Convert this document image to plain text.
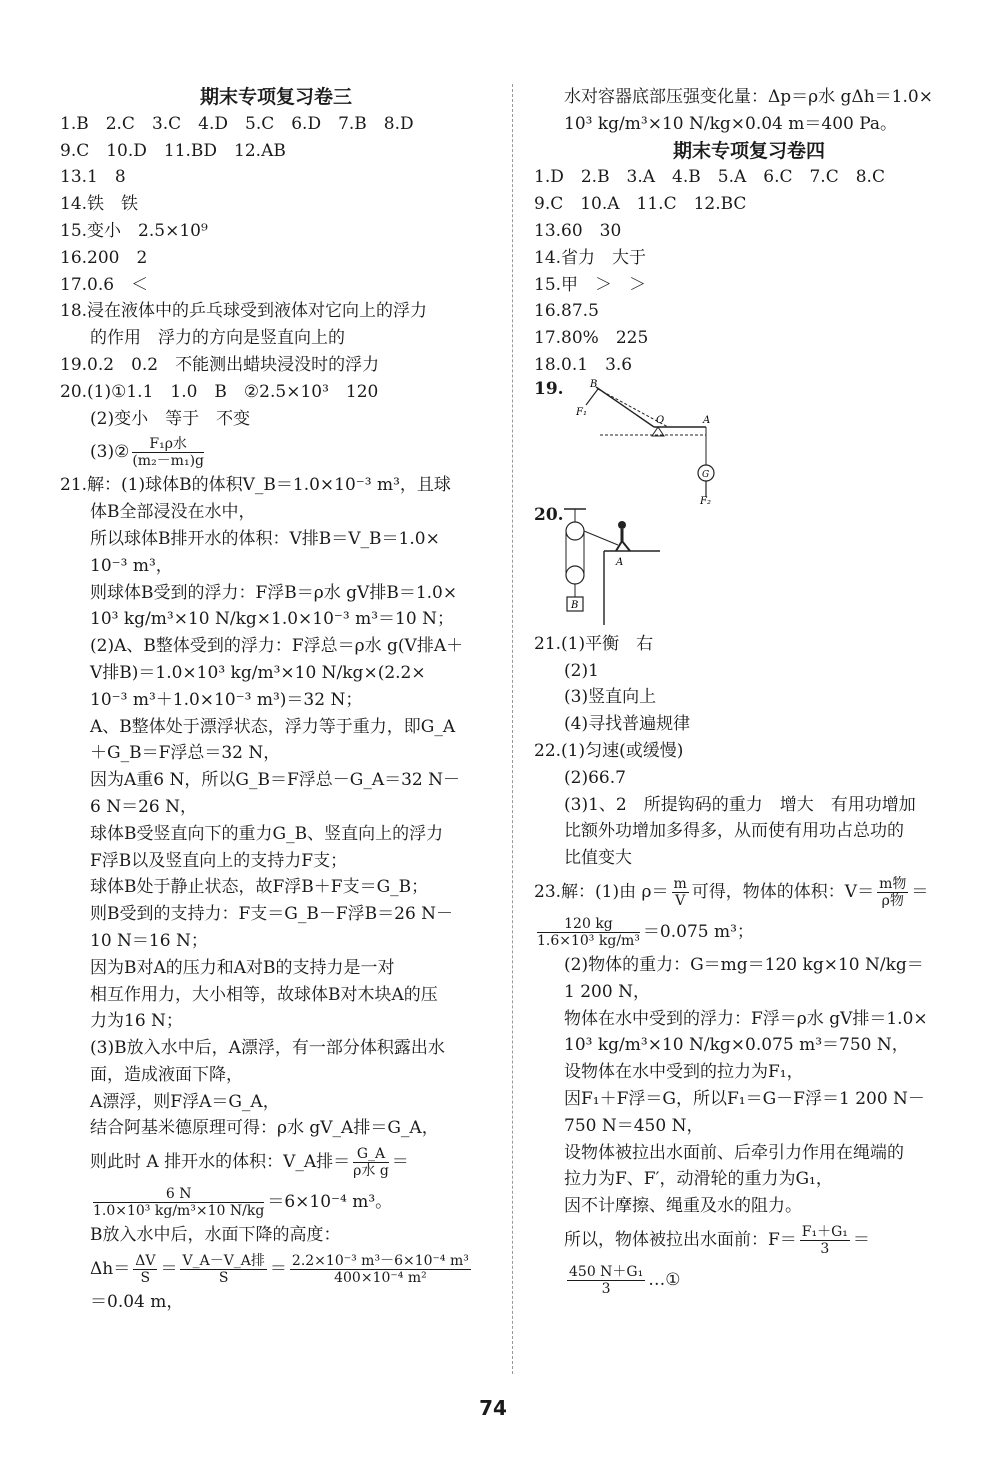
期末专项复习卷三
1.B　2.C　3.C　4.D　5.C　6.D　7.B　8.D
9.C　10.D　11.BD　12.AB
13.1　8
14.铁　铁
15.变小　2.5×10⁹
16.200　2
17.0.6　＜
18.浸在液体中的乒乓球受到液体对它向上的浮力
的作用　浮力的方向是竖直向上的
19.0.2　0.2　不能测出蜡块浸没时的浮力
20.(1)①1.1　1.0　B　②2.5×10³　120
(2)变小　等于　不变
(3)② $\frac{\text{F₁ρ水}}{\text{(m₂－m₁)g}}$
21.解：(1)球体B的体积V_B＝1.0×10⁻³ m³，且球
体B全部浸没在水中，
所以球体B排开水的体积：V排B＝V_B＝1.0×
10⁻³ m³，
则球体B受到的浮力：F浮B＝ρ水 gV排B＝1.0×
10³ kg/m³×10 N/kg×1.0×10⁻³ m³＝10 N；
(2)A、B整体受到的浮力：F浮总＝ρ水 g(V排A＋
V排B)＝1.0×10³ kg/m³×10 N/kg×(2.2×
10⁻³ m³＋1.0×10⁻³ m³)＝32 N；
A、B整体处于漂浮状态，浮力等于重力，即G_A
＋G_B＝F浮总＝32 N，
因为A重6 N，所以G_B＝F浮总－G_A＝32 N－
6 N＝26 N，
球体B受竖直向下的重力G_B、竖直向上的浮力
F浮B以及竖直向上的支持力F支；
球体B处于静止状态，故F浮B＋F支＝G_B；
则B受到的支持力：F支＝G_B－F浮B＝26 N－
10 N＝16 N；
因为B对A的压力和A对B的支持力是一对
相互作用力，大小相等，故球体B对木块A的压
力为16 N；
(3)B放入水中后，A漂浮，有一部分体积露出水
面，造成液面下降，
A漂浮，则F浮A＝G_A，
结合阿基米德原理可得：ρ水 gV_A排＝G_A，
则此时 A 排开水的体积：V_A排＝ $\frac{G\_A}{\text{ρ水 g}}$ ＝
$\frac{6 N}{\text{1.0×10³ kg/m³×10 N/kg}} =6\times 10^{-4}$ m³。
B放入水中后，水面下降的高度：
$\Delta h= \frac{\Delta V}{S} = \frac{\text{V\_A－V\_A排}}{S} = \frac{\text{2.2×10⁻³ m³－6×10⁻⁴ m³}}{\text{400×10⁻⁴ m²}}$
＝0.04 m，
水对容器底部压强变化量：Δp＝ρ水 gΔh＝1.0×
10³ kg/m³×10 N/kg×0.04 m＝400 Pa。
期末专项复习卷四
1.D　2.B　3.A　4.B　5.A　6.C　7.C　8.C
9.C　10.A　11.C　12.BC
13.60　30
14.省力　大于
15.甲　＞　＞
16.87.5
17.80%　225
18.0.1　3.6
19.	B
F₁
O	A
G
F₂
20.
A
B
21.(1)平衡　右
(2)1
(3)竖直向上
(4)寻找普遍规律
22.(1)匀速(或缓慢)
(2)66.7
(3)1、2　所提钩码的重力　增大　有用功增加
比额外功增加多得多，从而使有用功占总功的
比值变大
23.解：(1)由 $\rho= \frac{m}{V}$ 可得，物体的体积：$V= \frac{\text{m物}}{\text{ρ物}}$ ＝
$\frac{120 kg}{\text{1.6×10³ kg/m³}} =0.075$ m³；
(2)物体的重力：G＝mg＝120 kg×10 N/kg＝
1 200 N，
物体在水中受到的浮力：F浮＝ρ水 gV排＝1.0×
10³ kg/m³×10 N/kg×0.075 m³＝750 N，
设物体在水中受到的拉力为F₁，
因F₁＋F浮＝G，所以F₁＝G－F浮＝1 200 N－
750 N＝450 N，
设物体被拉出水面前、后牵引力作用在绳端的
拉力为F、F′，动滑轮的重力为G₁，
因不计摩擦、绳重及水的阻力。
所以，物体被拉出水面前：$F= \frac{\text{F₁＋G₁}}{3}$ ＝
$\frac{\text{450 N＋G₁}}{3}$ …①
74
